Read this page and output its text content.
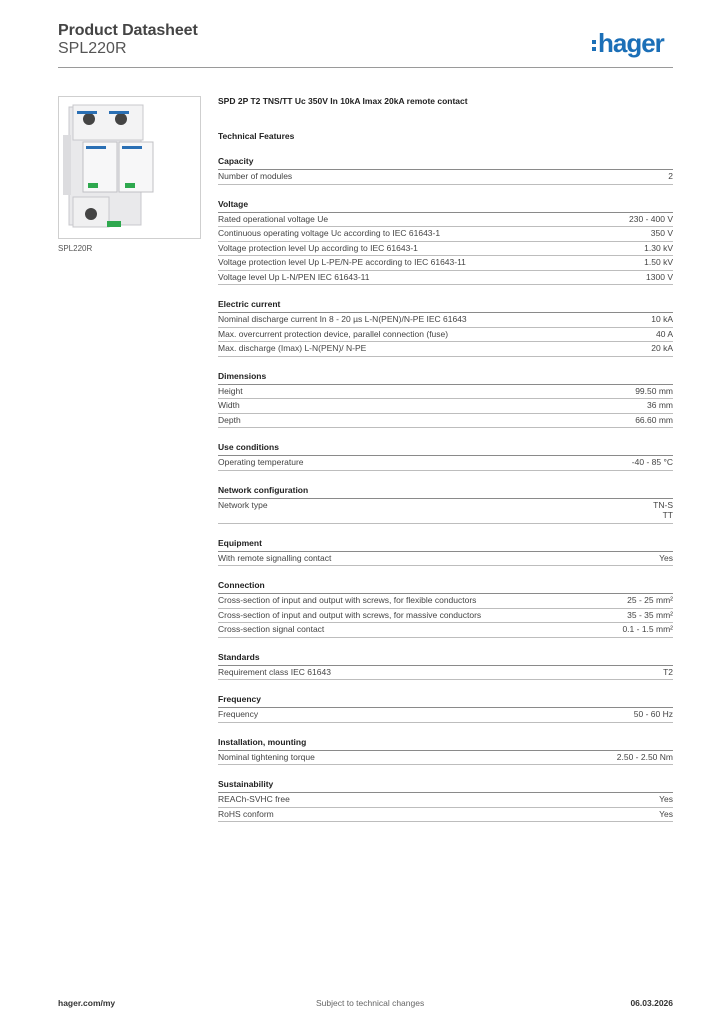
Product Datasheet
SPL220R	hager
SPL220R
SPD 2P T2 TNS/TT Uc 350V In 10kA Imax 20kA remote contact
Technical Features
Capacity
Number of modules	2
Voltage
Rated operational voltage Ue	230 - 400 V
Continuous operating voltage Uc according to IEC 61643-1	350 V
Voltage protection level Up according to IEC 61643-1	1.30 kV
Voltage protection level Up L-PE/N-PE according to IEC 61643-11	1.50 kV
Voltage level Up L-N/PEN IEC 61643-11	1300 V
Electric current
Nominal discharge current In 8 - 20 µs L-N(PEN)/N-PE IEC 61643	10 kA
Max. overcurrent protection device, parallel connection (fuse)	40 A
Max. discharge (Imax) L-N(PEN)/ N-PE	20 kA
Dimensions
Height	99.50 mm
Width	36 mm
Depth	66.60 mm
Use conditions
Operating temperature	-40 - 85 °C
Network configuration
Network type	TN-S
TT
Equipment
With remote signalling contact	Yes
Connection
Cross-section of input and output with screws, for flexible conductors	25 - 25 mm²
Cross-section of input and output with screws, for massive conductors	35 - 35 mm²
Cross-section signal contact	0.1 - 1.5 mm²
Standards
Requirement class IEC 61643	T2
Frequency
Frequency	50 - 60 Hz
Installation, mounting
Nominal tightening torque	2.50 - 2.50 Nm
Sustainability
REACh-SVHC free	Yes
RoHS conform	Yes
hager.com/my	Subject to technical changes	06.03.2026
